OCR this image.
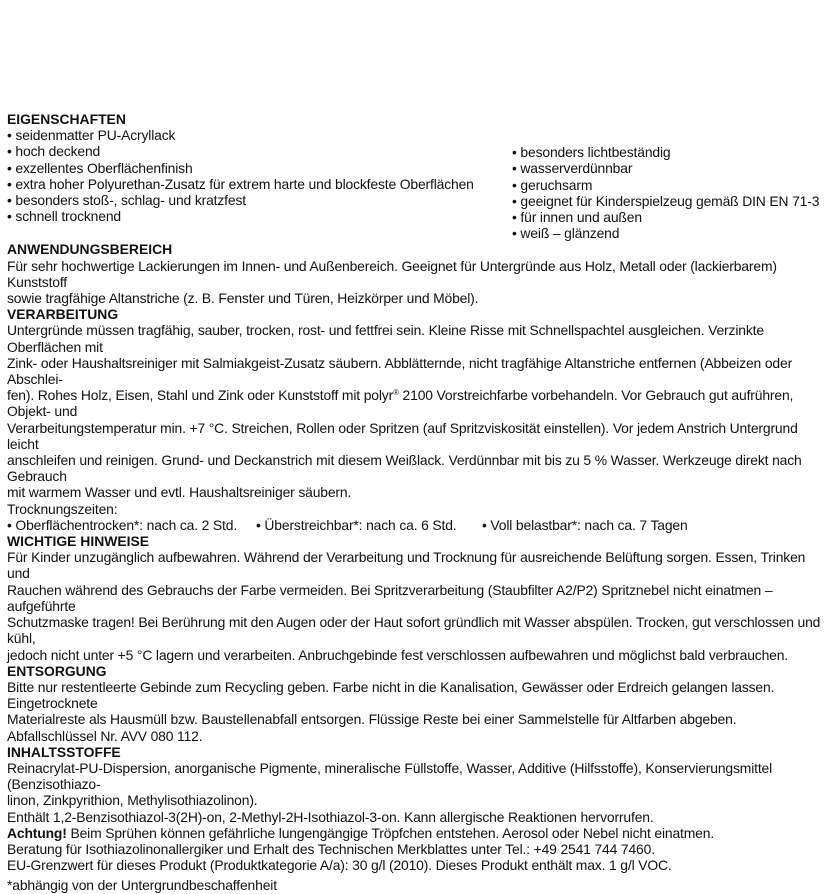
EIGENSCHAFTEN
• seidenmatter PU-Acryllack
• hoch deckend
• exzellentes Oberflächenfinish
• extra hoher Polyurethan-Zusatz für extrem harte und blockfeste Oberflächen
• besonders stoß-, schlag- und kratzfest
• schnell trocknend
• besonders lichtbeständig
• wasserverdünnbar
• geruchsarm
• geeignet für Kinderspielzeug gemäß DIN EN 71-3
• für innen und außen
• weiß – glänzend
ANWENDUNGSBEREICH
Für sehr hochwertige Lackierungen im Innen- und Außenbereich. Geeignet für Untergründe aus Holz, Metall oder (lackierbarem) Kunststoff
sowie tragfähige Altanstriche (z. B. Fenster und Türen, Heizkörper und Möbel).
VERARBEITUNG
Untergründe müssen tragfähig, sauber, trocken, rost- und fettfrei sein. Kleine Risse mit Schnellspachtel ausgleichen. Verzinkte Oberflächen mit
Zink- oder Haushaltsreiniger mit Salmiakgeist-Zusatz säubern. Abblätternde, nicht tragfähige Altanstriche entfernen (Abbeizen oder Abschlei-
fen). Rohes Holz, Eisen, Stahl und Zink oder Kunststoff mit polyr® 2100 Vorstreichfarbe vorbehandeln. Vor Gebrauch gut aufrühren, Objekt- und
Verarbeitungstemperatur min. +7 °C. Streichen, Rollen oder Spritzen (auf Spritzviskosität einstellen). Vor jedem Anstrich Untergrund leicht
anschleifen und reinigen. Grund- und Deckanstrich mit diesem Weißlack. Verdünnbar mit bis zu 5 % Wasser. Werkzeuge direkt nach Gebrauch
mit warmem Wasser und evtl. Haushaltsreiniger säubern.
Trocknungszeiten:
• Oberflächentrocken*: nach ca. 2 Std.	• Überstreichbar*: nach ca. 6 Std.	• Voll belastbar*: nach ca. 7 Tagen
WICHTIGE HINWEISE
Für Kinder unzugänglich aufbewahren. Während der Verarbeitung und Trocknung für ausreichende Belüftung sorgen. Essen, Trinken und
Rauchen während des Gebrauchs der Farbe vermeiden. Bei Spritzverarbeitung (Staubfilter A2/P2) Spritznebel nicht einatmen – aufgeführte
Schutzmaske tragen! Bei Berührung mit den Augen oder der Haut sofort gründlich mit Wasser abspülen. Trocken, gut verschlossen und kühl,
jedoch nicht unter +5 °C lagern und verarbeiten. Anbruchgebinde fest verschlossen aufbewahren und möglichst bald verbrauchen.
ENTSORGUNG
Bitte nur restentleerte Gebinde zum Recycling geben. Farbe nicht in die Kanalisation, Gewässer oder Erdreich gelangen lassen. Eingetrocknete
Materialreste als Hausmüll bzw. Baustellenabfall entsorgen. Flüssige Reste bei einer Sammelstelle für Altfarben abgeben.
Abfallschlüssel Nr. AVV 080 112.
INHALTSSTOFFE
Reinacrylat-PU-Dispersion, anorganische Pigmente, mineralische Füllstoffe, Wasser, Additive (Hilfsstoffe), Konservierungsmittel (Benzisothiazo-
linon, Zinkpyrithion, Methylisothiazolinon).
Enthält 1,2-Benzisothiazol-3(2H)-on, 2-Methyl-2H-Isothiazol-3-on. Kann allergische Reaktionen hervorrufen.
Achtung! Beim Sprühen können gefährliche lungengängige Tröpfchen entstehen. Aerosol oder Nebel nicht einatmen.
Beratung für Isothiazolinonallergiker und Erhalt des Technischen Merkblattes unter Tel.: +49 2541 744 7460.
EU-Grenzwert für dieses Produkt (Produktkategorie A/a): 30 g/l (2010). Dieses Produkt enthält max. 1 g/l VOC.
*abhängig von der Untergrundbeschaffenheit
